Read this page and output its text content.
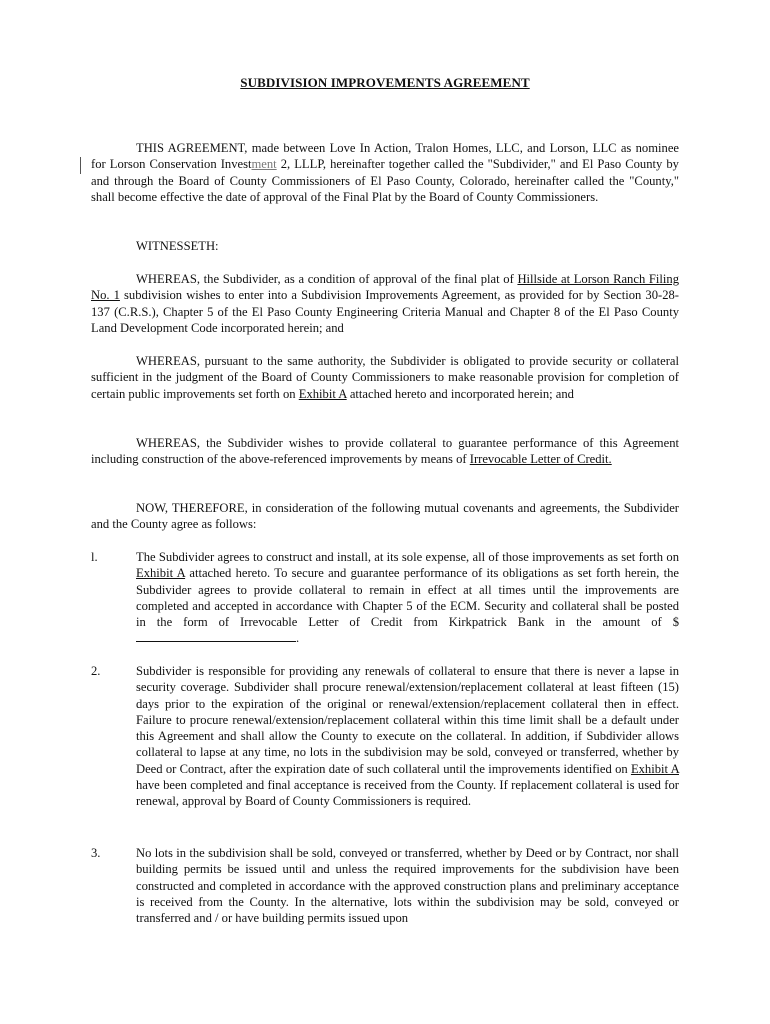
SUBDIVISION IMPROVEMENTS AGREEMENT

THIS AGREEMENT, made between Love In Action, Tralon Homes, LLC, and Lorson, LLC as nominee for Lorson Conservation Investment 2, LLLP, hereinafter together called the "Subdivider," and El Paso County by and through the Board of County Commissioners of El Paso County, Colorado, hereinafter called the "County," shall become effective the date of approval of the Final Plat by the Board of County Commissioners.

WITNESSETH:

WHEREAS, the Subdivider, as a condition of approval of the final plat of Hillside at Lorson Ranch Filing No. 1 subdivision wishes to enter into a Subdivision Improvements Agreement, as provided for by Section 30-28-137 (C.R.S.), Chapter 5 of the El Paso County Engineering Criteria Manual and Chapter 8 of the El Paso County Land Development Code incorporated herein; and

WHEREAS, pursuant to the same authority, the Subdivider is obligated to provide security or collateral sufficient in the judgment of the Board of County Commissioners to make reasonable provision for completion of certain public improvements set forth on Exhibit A attached hereto and incorporated herein; and

WHEREAS, the Subdivider wishes to provide collateral to guarantee performance of this Agreement including construction of the above-referenced improvements by means of Irrevocable Letter of Credit.

NOW, THEREFORE, in consideration of the following mutual covenants and agreements, the Subdivider and the County agree as follows:

l.	The Subdivider agrees to construct and install, at its sole expense, all of those improvements as set forth on Exhibit A attached hereto. To secure and guarantee performance of its obligations as set forth herein, the Subdivider agrees to provide collateral to remain in effect at all times until the improvements are completed and accepted in accordance with Chapter 5 of the ECM. Security and collateral shall be posted in the form of Irrevocable Letter of Credit from Kirkpatrick Bank in the amount of $.
2.	Subdivider is responsible for providing any renewals of collateral to ensure that there is never a lapse in security coverage. Subdivider shall procure renewal/extension/replacement collateral at least fifteen (15) days prior to the expiration of the original or renewal/extension/replacement collateral then in effect. Failure to procure renewal/extension/replacement collateral within this time limit shall be a default under this Agreement and shall allow the County to execute on the collateral. In addition, if Subdivider allows collateral to lapse at any time, no lots in the subdivision may be sold, conveyed or transferred, whether by Deed or Contract, after the expiration date of such collateral until the improvements identified on Exhibit A have been completed and final acceptance is received from the County. If replacement collateral is used for renewal, approval by Board of County Commissioners is required.
3.	No lots in the subdivision shall be sold, conveyed or transferred, whether by Deed or by Contract, nor shall building permits be issued until and unless the required improvements for the subdivision have been constructed and completed in accordance with the approved construction plans and preliminary acceptance is received from the County. In the alternative, lots within the subdivision may be sold, conveyed or transferred and / or have building permits issued upon
